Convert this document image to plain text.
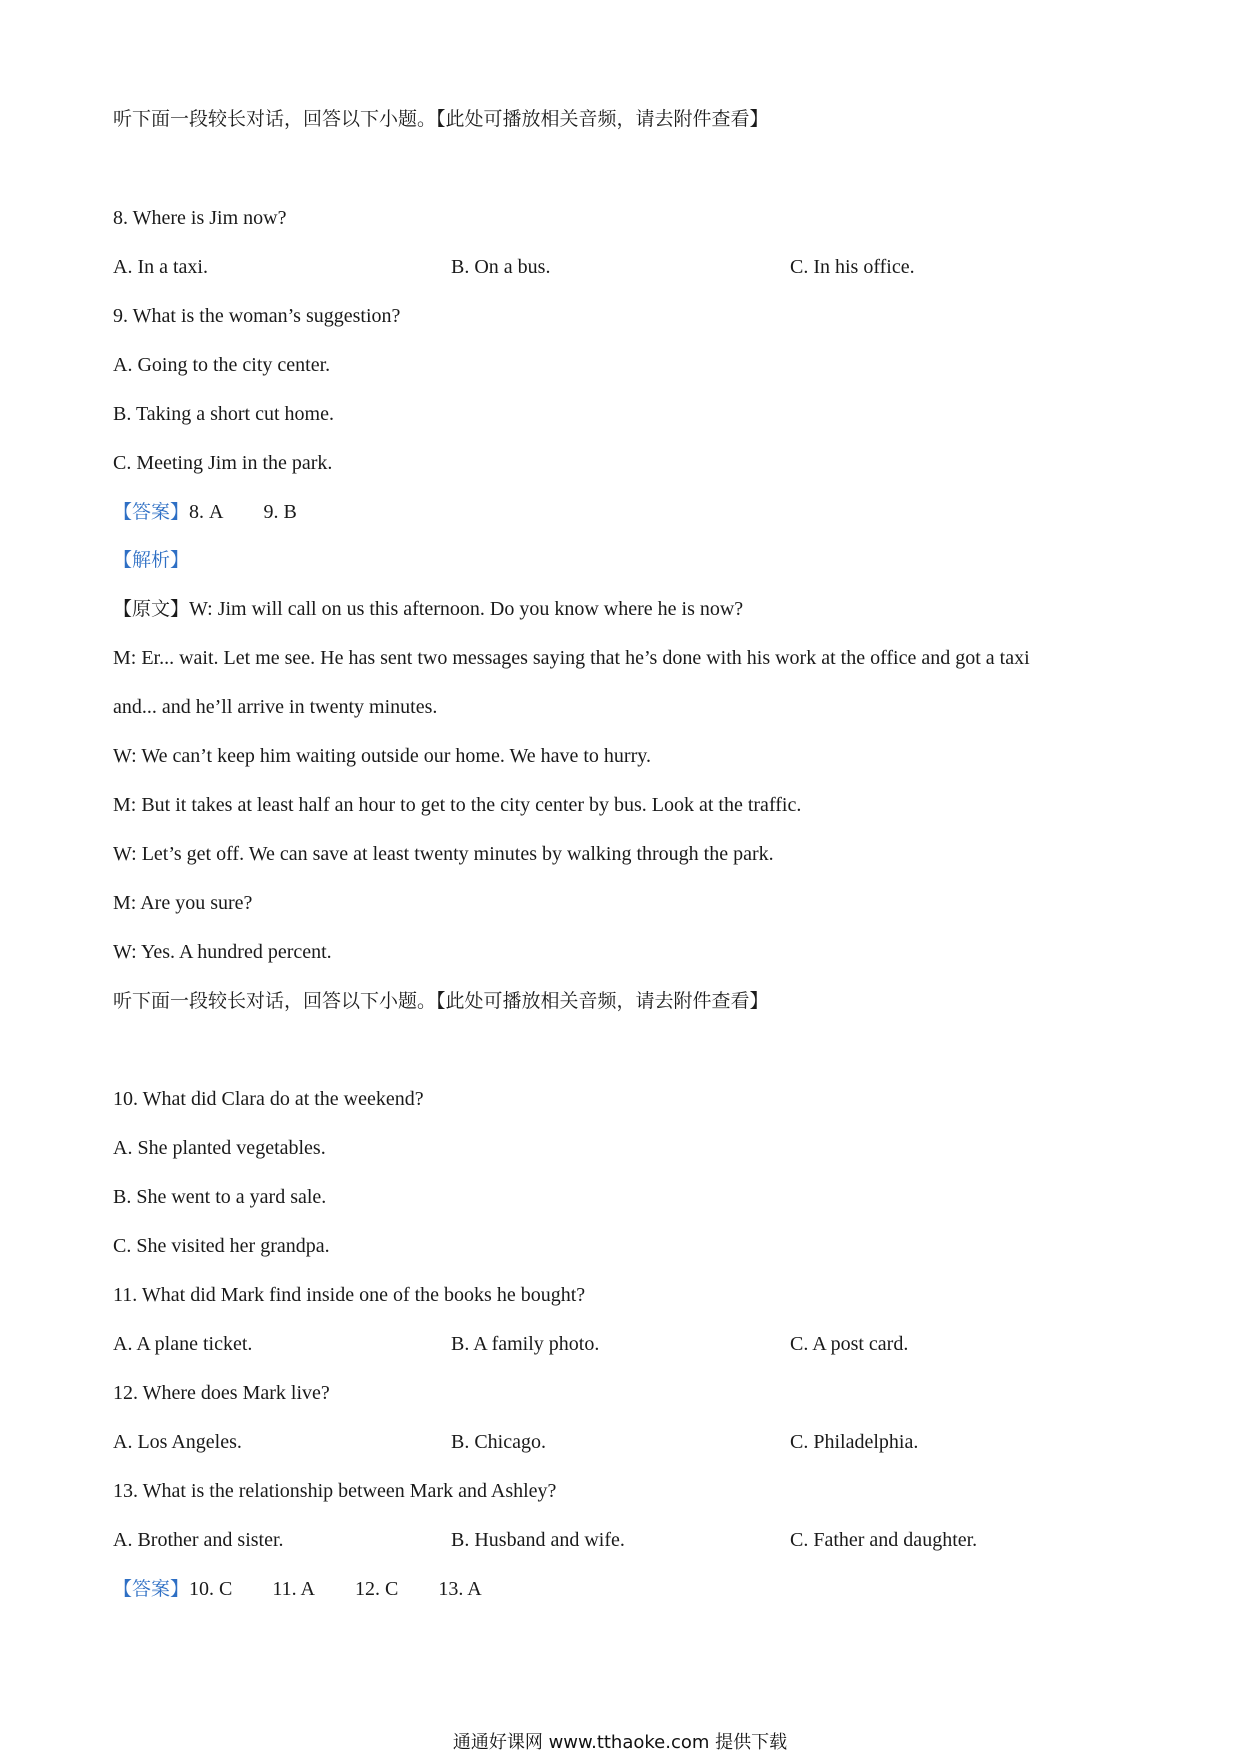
听下面一段较长对话，回答以下小题。【此处可播放相关音频，请去附件查看】
8. Where is Jim now?
A. In a taxi.	B. On a bus.	C. In his office.
9. What is the woman’s suggestion?
A. Going to the city center.
B. Taking a short cut home.
C. Meeting Jim in the park.
【答案】8. A 9. B
【解析】
【原文】W: Jim will call on us this afternoon. Do you know where he is now?
M: Er... wait. Let me see. He has sent two messages saying that he’s done with his work at the office and got a taxi
and... and he’ll arrive in twenty minutes.
W: We can’t keep him waiting outside our home. We have to hurry.
M: But it takes at least half an hour to get to the city center by bus. Look at the traffic.
W: Let’s get off. We can save at least twenty minutes by walking through the park.
M: Are you sure?
W: Yes. A hundred percent.
听下面一段较长对话，回答以下小题。【此处可播放相关音频，请去附件查看】
10. What did Clara do at the weekend?
A. She planted vegetables.
B. She went to a yard sale.
C. She visited her grandpa.
11. What did Mark find inside one of the books he bought?
A. A plane ticket.	B. A family photo.	C. A post card.
12. Where does Mark live?
A. Los Angeles.	B. Chicago.	C. Philadelphia.
13. What is the relationship between Mark and Ashley?
A. Brother and sister.	B. Husband and wife.	C. Father and daughter.
【答案】10. C 11. A 12. C 13. A
通通好课网 www.tthaoke.com 提供下载
